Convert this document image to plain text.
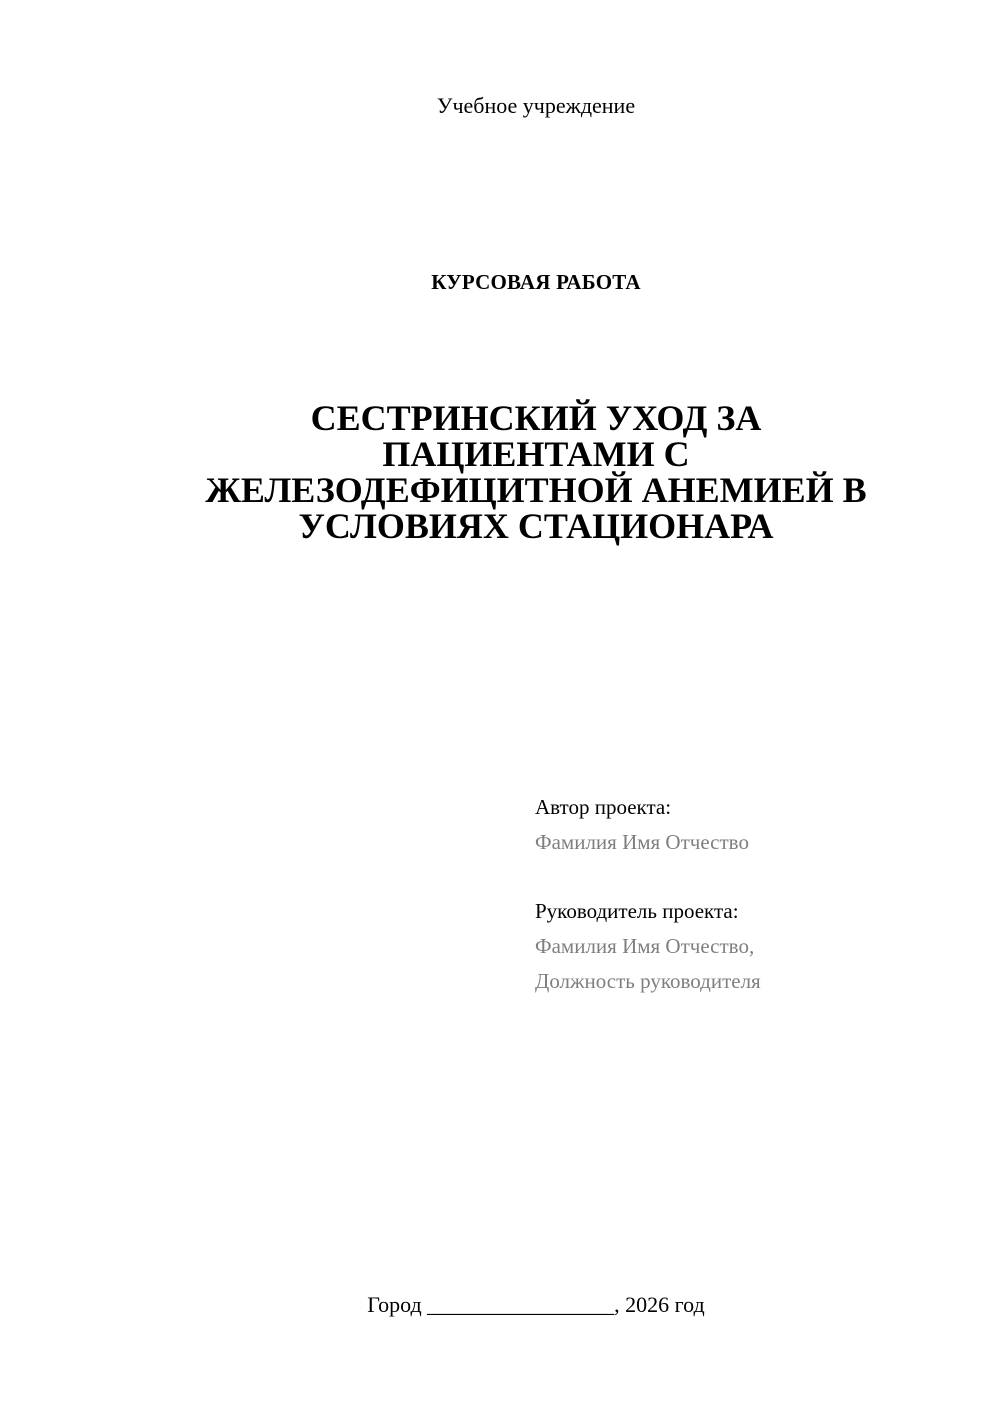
Учебное учреждение
КУРСОВАЯ РАБОТА
СЕСТРИНСКИЙ УХОД ЗА
ПАЦИЕНТАМИ С
ЖЕЛЕЗОДЕФИЦИТНОЙ АНЕМИЕЙ В
УСЛОВИЯХ СТАЦИОНАРА
Автор проекта:
Фамилия Имя Отчество
Руководитель проекта:
Фамилия Имя Отчество,
Должность руководителя
Город _________________, 2026 год
